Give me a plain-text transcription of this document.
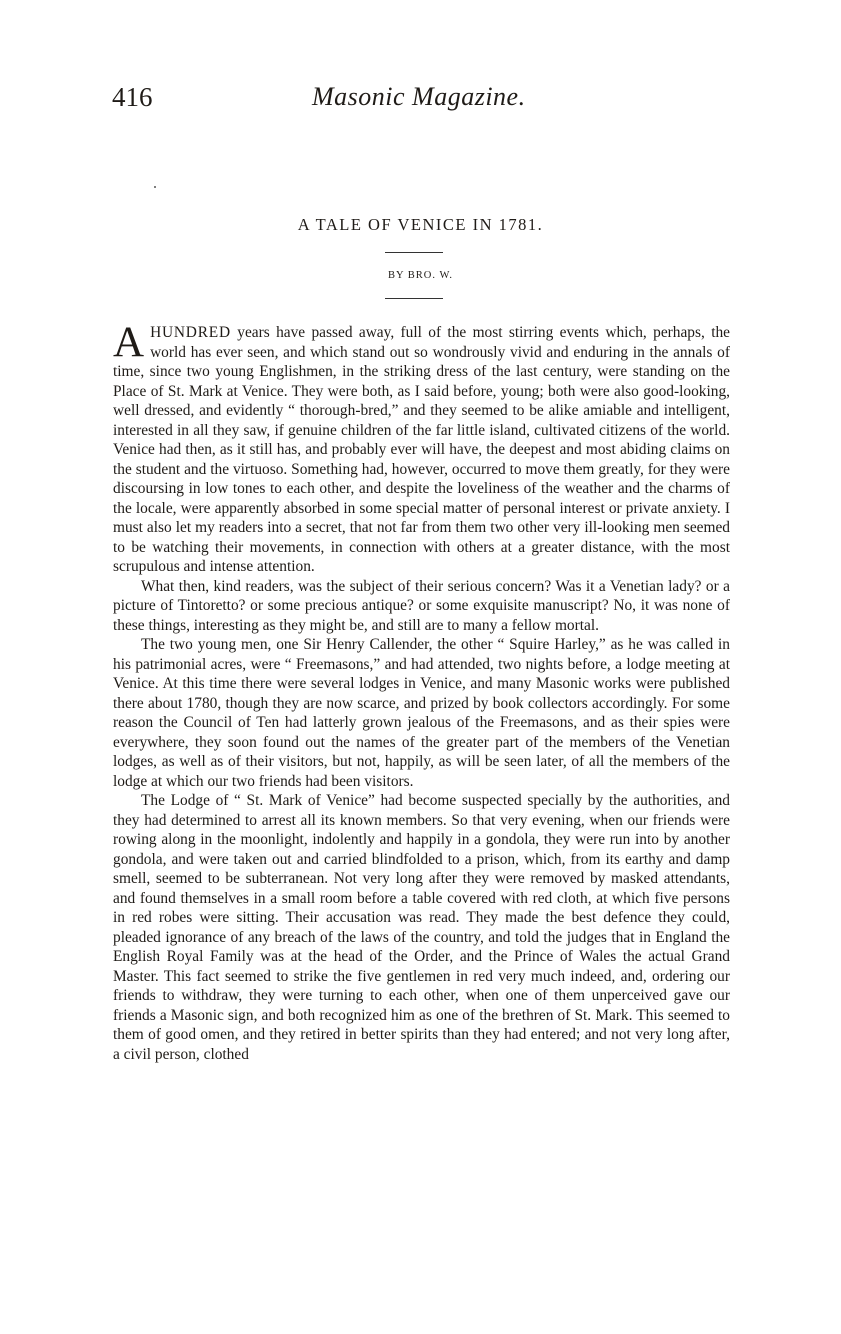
416	Masonic Magazine.
A TALE OF VENICE IN 1781.
BY BRO. W.

AHUNDRED years have passed away, full of the most stirring events which, perhaps, the world has ever seen, and which stand out so wondrously vivid and enduring in the annals of time, since two young Englishmen, in the striking dress of the last century, were standing on the Place of St. Mark at Venice. They were both, as I said before, young; both were also good-looking, well dressed, and evidently “ thorough-bred,” and they seemed to be alike amiable and intelligent, interested in all they saw, if genuine children of the far little island, cultivated citizens of the world. Venice had then, as it still has, and probably ever will have, the deepest and most abiding claims on the student and the virtuoso. Something had, however, occurred to move them greatly, for they were discoursing in low tones to each other, and despite the loveliness of the weather and the charms of the locale, were apparently absorbed in some special matter of personal interest or private anxiety. I must also let my readers into a secret, that not far from them two other very ill-looking men seemed to be watching their movements, in connection with others at a greater distance, with the most scrupulous and intense attention.

What then, kind readers, was the subject of their serious concern? Was it a Venetian lady? or a picture of Tintoretto? or some precious antique? or some exquisite manuscript? No, it was none of these things, interesting as they might be, and still are to many a fellow mortal.

The two young men, one Sir Henry Callender, the other “ Squire Harley,” as he was called in his patrimonial acres, were “ Freemasons,” and had attended, two nights before, a lodge meeting at Venice. At this time there were several lodges in Venice, and many Masonic works were published there about 1780, though they are now scarce, and prized by book collectors accordingly. For some reason the Council of Ten had latterly grown jealous of the Freemasons, and as their spies were everywhere, they soon found out the names of the greater part of the members of the Venetian lodges, as well as of their visitors, but not, happily, as will be seen later, of all the members of the lodge at which our two friends had been visitors.

The Lodge of “ St. Mark of Venice” had become suspected specially by the authorities, and they had determined to arrest all its known members. So that very evening, when our friends were rowing along in the moonlight, indolently and happily in a gondola, they were run into by another gondola, and were taken out and carried blindfolded to a prison, which, from its earthy and damp smell, seemed to be subterranean. Not very long after they were removed by masked attendants, and found themselves in a small room before a table covered with red cloth, at which five persons in red robes were sitting. Their accusation was read. They made the best defence they could, pleaded ignorance of any breach of the laws of the country, and told the judges that in England the English Royal Family was at the head of the Order, and the Prince of Wales the actual Grand Master. This fact seemed to strike the five gentlemen in red very much indeed, and, ordering our friends to withdraw, they were turning to each other, when one of them unperceived gave our friends a Masonic sign, and both recognized him as one of the brethren of St. Mark. This seemed to them of good omen, and they retired in better spirits than they had entered; and not very long after, a civil person, clothed
